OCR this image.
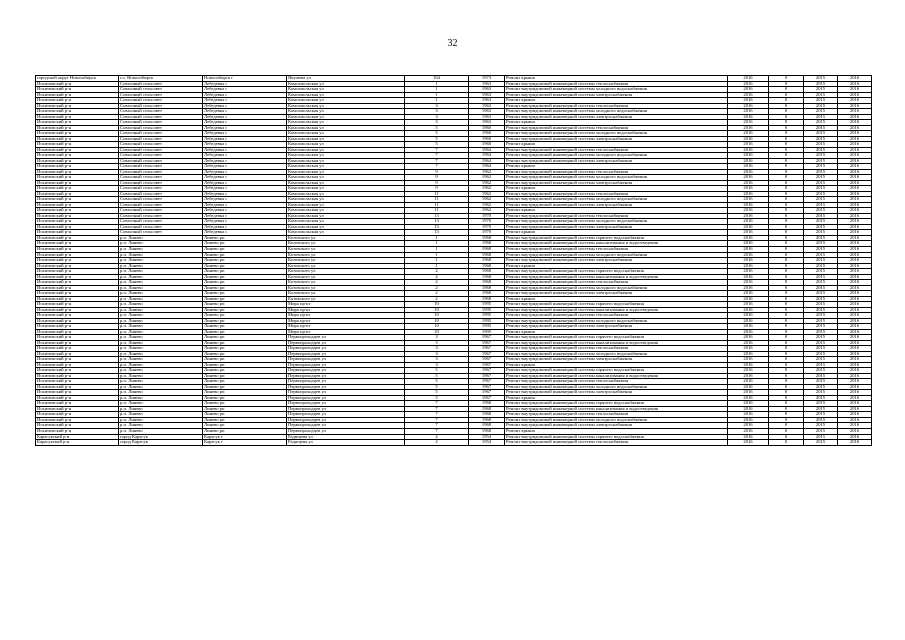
32
городской округ Новосибирск	г.о. Новосибирск	Новосибирск г	Якушева ул	164	1973	Ремонт крыши	2016	0	2015	2016
Искитимский р-н	Совхозный сельсовет	Лебедевка с	Комсомольская ул	1	1963	Ремонт внутридомовой инженерной системы теплоснабжения	2016	0	2015	2016
Искитимский р-н	Совхозный сельсовет	Лебедевка с	Комсомольская ул	1	1963	Ремонт внутридомовой инженерной системы холодного водоснабжения	2016	0	2015	2016
Искитимский р-н	Совхозный сельсовет	Лебедевка с	Комсомольская ул	1	1963	Ремонт внутридомовой инженерной системы электроснабжения	2016	0	2015	2016
Искитимский р-н	Совхозный сельсовет	Лебедевка с	Комсомольская ул	1	1963	Ремонт крыши	2016	0	2015	2016
Искитимский р-н	Совхозный сельсовет	Лебедевка с	Комсомольская ул	3	1963	Ремонт внутридомовой инженерной системы теплоснабжения	2016	0	2015	2016
Искитимский р-н	Совхозный сельсовет	Лебедевка с	Комсомольская ул	3	1963	Ремонт внутридомовой инженерной системы холодного водоснабжения	2016	0	2015	2016
Искитимский р-н	Совхозный сельсовет	Лебедевка с	Комсомольская ул	3	1963	Ремонт внутридомовой инженерной системы электроснабжения	2016	0	2015	2016
Искитимский р-н	Совхозный сельсовет	Лебедевка с	Комсомольская ул	3	1963	Ремонт крыши	2016	0	2015	2016
Искитимский р-н	Совхозный сельсовет	Лебедевка с	Комсомольская ул	5	1960	Ремонт внутридомовой инженерной системы теплоснабжения	2016	0	2015	2016
Искитимский р-н	Совхозный сельсовет	Лебедевка с	Комсомольская ул	5	1960	Ремонт внутридомовой инженерной системы холодного водоснабжения	2016	0	2015	2016
Искитимский р-н	Совхозный сельсовет	Лебедевка с	Комсомольская ул	5	1960	Ремонт внутридомовой инженерной системы электроснабжения	2016	0	2015	2016
Искитимский р-н	Совхозный сельсовет	Лебедевка с	Комсомольская ул	5	1960	Ремонт крыши	2016	0	2015	2016
Искитимский р-н	Совхозный сельсовет	Лебедевка с	Комсомольская ул	7	1964	Ремонт внутридомовой инженерной системы теплоснабжения	2016	0	2015	2016
Искитимский р-н	Совхозный сельсовет	Лебедевка с	Комсомольская ул	7	1964	Ремонт внутридомовой инженерной системы холодного водоснабжения	2016	0	2015	2016
Искитимский р-н	Совхозный сельсовет	Лебедевка с	Комсомольская ул	7	1964	Ремонт внутридомовой инженерной системы электроснабжения	2016	0	2015	2016
Искитимский р-н	Совхозный сельсовет	Лебедевка с	Комсомольская ул	7	1964	Ремонт крыши	2016	0	2015	2016
Искитимский р-н	Совхозный сельсовет	Лебедевка с	Комсомольская ул	9	1962	Ремонт внутридомовой инженерной системы теплоснабжения	2016	0	2015	2016
Искитимский р-н	Совхозный сельсовет	Лебедевка с	Комсомольская ул	9	1962	Ремонт внутридомовой инженерной системы холодного водоснабжения	2016	0	2015	2016
Искитимский р-н	Совхозный сельсовет	Лебедевка с	Комсомольская ул	9	1962	Ремонт внутридомовой инженерной системы электроснабжения	2016	0	2015	2016
Искитимский р-н	Совхозный сельсовет	Лебедевка с	Комсомольская ул	9	1962	Ремонт крыши	2016	0	2015	2016
Искитимский р-н	Совхозный сельсовет	Лебедевка с	Комсомольская ул	11	1962	Ремонт внутридомовой инженерной системы теплоснабжения	2016	0	2015	2016
Искитимский р-н	Совхозный сельсовет	Лебедевка с	Комсомольская ул	11	1962	Ремонт внутридомовой инженерной системы холодного водоснабжения	2016	0	2015	2016
Искитимский р-н	Совхозный сельсовет	Лебедевка с	Комсомольская ул	11	1962	Ремонт внутридомовой инженерной системы электроснабжения	2016	0	2015	2016
Искитимский р-н	Совхозный сельсовет	Лебедевка с	Комсомольская ул	11	1962	Ремонт крыши	2016	0	2015	2016
Искитимский р-н	Совхозный сельсовет	Лебедевка с	Комсомольская ул	13	1970	Ремонт внутридомовой инженерной системы теплоснабжения	2016	0	2015	2016
Искитимский р-н	Совхозный сельсовет	Лебедевка с	Комсомольская ул	13	1970	Ремонт внутридомовой инженерной системы холодного водоснабжения	2016	0	2015	2016
Искитимский р-н	Совхозный сельсовет	Лебедевка с	Комсомольская ул	13	1970	Ремонт внутридомовой инженерной системы электроснабжения	2016	0	2015	2016
Искитимский р-н	Совхозный сельсовет	Лебедевка с	Комсомольская ул	13	1970	Ремонт крыши	2016	0	2015	2016
Искитимский р-н	р.п. Линево	Линево рп	Котовского ул	1	1968	Ремонт внутридомовой инженерной системы горячего водоснабжения	2016	0	2015	2016
Искитимский р-н	р.п. Линево	Линево рп	Котовского ул	1	1968	Ремонт внутридомовой инженерной системы канализования и водоотведения	2016	0	2015	2016
Искитимский р-н	р.п. Линево	Линево рп	Котовского ул	1	1968	Ремонт внутридомовой инженерной системы теплоснабжения	2016	0	2015	2016
Искитимский р-н	р.п. Линево	Линево рп	Котовского ул	1	1968	Ремонт внутридомовой инженерной системы холодного водоснабжения	2016	0	2015	2016
Искитимский р-н	р.п. Линево	Линево рп	Котовского ул	1	1968	Ремонт внутридомовой инженерной системы электроснабжения	2016	0	2015	2016
Искитимский р-н	р.п. Линево	Линево рп	Котовского ул	1	1968	Ремонт крыши	2016	0	2015	2016
Искитимский р-н	р.п. Линево	Линево рп	Котовского ул	2	1968	Ремонт внутридомовой инженерной системы горячего водоснабжения	2016	0	2015	2016
Искитимский р-н	р.п. Линево	Линево рп	Котовского ул	2	1968	Ремонт внутридомовой инженерной системы канализования и водоотведения	2016	0	2015	2016
Искитимский р-н	р.п. Линево	Линево рп	Котовского ул	2	1968	Ремонт внутридомовой инженерной системы теплоснабжения	2016	0	2015	2016
Искитимский р-н	р.п. Линево	Линево рп	Котовского ул	2	1968	Ремонт внутридомовой инженерной системы холодного водоснабжения	2016	0	2015	2016
Искитимский р-н	р.п. Линево	Линево рп	Котовского ул	2	1968	Ремонт внутридомовой инженерной системы электроснабжения	2016	0	2015	2016
Искитимский р-н	р.п. Линево	Линево рп	Котовского ул	2	1968	Ремонт крыши	2016	0	2015	2016
Искитимский р-н	р.п. Линево	Линево рп	Мира пр-кт	10	1995	Ремонт внутридомовой инженерной системы горячего водоснабжения	2016	0	2015	2016
Искитимский р-н	р.п. Линево	Линево рп	Мира пр-кт	10	1995	Ремонт внутридомовой инженерной системы канализования и водоотведения	2016	0	2015	2016
Искитимский р-н	р.п. Линево	Линево рп	Мира пр-кт	10	1995	Ремонт внутридомовой инженерной системы теплоснабжения	2016	0	2015	2016
Искитимский р-н	р.п. Линево	Линево рп	Мира пр-кт	10	1995	Ремонт внутридомовой инженерной системы холодного водоснабжения	2016	0	2015	2016
Искитимский р-н	р.п. Линево	Линево рп	Мира пр-кт	10	1995	Ремонт внутридомовой инженерной системы электроснабжения	2016	0	2015	2016
Искитимский р-н	р.п. Линево	Линево рп	Мира пр-кт	10	1995	Ремонт крыши	2016	0	2015	2016
Искитимский р-н	р.п. Линево	Линево рп	Первопроходцев ул	3	1967	Ремонт внутридомовой инженерной системы горячего водоснабжения	2016	0	2015	2016
Искитимский р-н	р.п. Линево	Линево рп	Первопроходцев ул	3	1967	Ремонт внутридомовой инженерной системы канализования и водоотведения	2016	0	2015	2016
Искитимский р-н	р.п. Линево	Линево рп	Первопроходцев ул	3	1967	Ремонт внутридомовой инженерной системы теплоснабжения	2016	0	2015	2016
Искитимский р-н	р.п. Линево	Линево рп	Первопроходцев ул	3	1967	Ремонт внутридомовой инженерной системы холодного водоснабжения	2016	0	2015	2016
Искитимский р-н	р.п. Линево	Линево рп	Первопроходцев ул	3	1967	Ремонт внутридомовой инженерной системы электроснабжения	2016	0	2015	2016
Искитимский р-н	р.п. Линево	Линево рп	Первопроходцев ул	3	1967	Ремонт крыши	2016	0	2015	2016
Искитимский р-н	р.п. Линево	Линево рп	Первопроходцев ул	5	1967	Ремонт внутридомовой инженерной системы горячего водоснабжения	2016	0	2015	2016
Искитимский р-н	р.п. Линево	Линево рп	Первопроходцев ул	5	1967	Ремонт внутридомовой инженерной системы канализования и водоотведения	2016	0	2015	2016
Искитимский р-н	р.п. Линево	Линево рп	Первопроходцев ул	5	1967	Ремонт внутридомовой инженерной системы теплоснабжения	2016	0	2015	2016
Искитимский р-н	р.п. Линево	Линево рп	Первопроходцев ул	5	1967	Ремонт внутридомовой инженерной системы холодного водоснабжения	2016	0	2015	2016
Искитимский р-н	р.п. Линево	Линево рп	Первопроходцев ул	5	1967	Ремонт внутридомовой инженерной системы электроснабжения	2016	0	2015	2016
Искитимский р-н	р.п. Линево	Линево рп	Первопроходцев ул	5	1967	Ремонт крыши	2016	0	2015	2016
Искитимский р-н	р.п. Линево	Линево рп	Первопроходцев ул	7	1968	Ремонт внутридомовой инженерной системы горячего водоснабжения	2016	0	2015	2016
Искитимский р-н	р.п. Линево	Линево рп	Первопроходцев ул	7	1968	Ремонт внутридомовой инженерной системы канализования и водоотведения	2016	0	2015	2016
Искитимский р-н	р.п. Линево	Линево рп	Первопроходцев ул	7	1968	Ремонт внутридомовой инженерной системы теплоснабжения	2016	0	2015	2016
Искитимский р-н	р.п. Линево	Линево рп	Первопроходцев ул	7	1968	Ремонт внутридомовой инженерной системы холодного водоснабжения	2016	0	2015	2016
Искитимский р-н	р.п. Линево	Линево рп	Первопроходцев ул	7	1968	Ремонт внутридомовой инженерной системы электроснабжения	2016	0	2015	2016
Искитимский р-н	р.п. Линево	Линево рп	Первопроходцев ул	7	1968	Ремонт крыши	2016	0	2015	2016
Карасукский р-н	город Карасук	Карасук г	Радищева ул	2	1954	Ремонт внутридомовой инженерной системы горячего водоснабжения	2016	0	2015	2016
Карасукский р-н	город Карасук	Карасук г	Радищева ул	2	1954	Ремонт внутридомовой инженерной системы теплоснабжения	2016	0	2015	2016
